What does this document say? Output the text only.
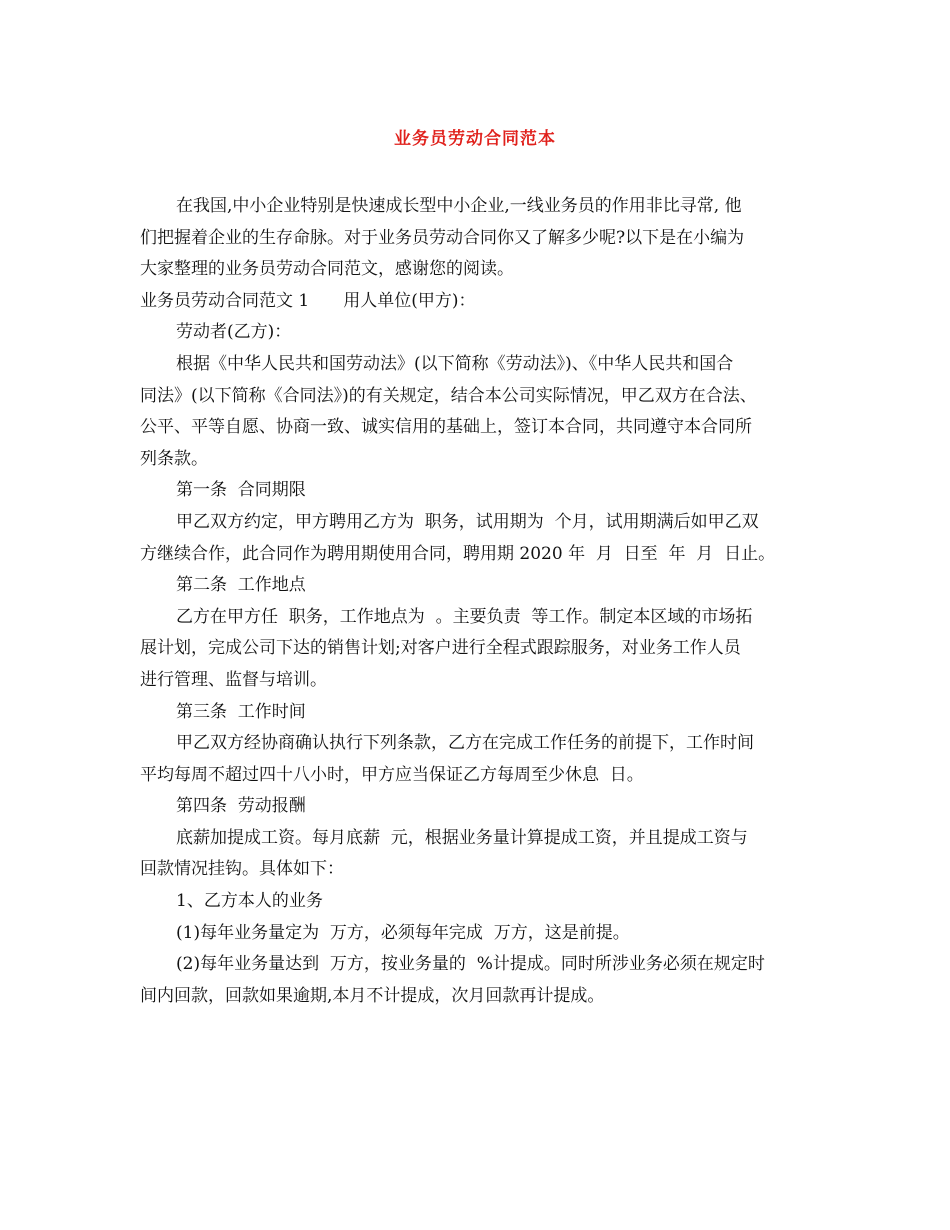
业务员劳动合同范本
在我国,中小企业特别是快速成长型中小企业,一线业务员的作用非比寻常, 他
们把握着企业的生存命脉。对于业务员劳动合同你又了解多少呢?以下是在小编为
大家整理的业务员劳动合同范文，感谢您的阅读。
业务员劳动合同范文 1　　用人单位(甲方)：
劳动者(乙方)：
根据《中华人民共和国劳动法》(以下简称《劳动法》)、《中华人民共和国合
同法》(以下简称《合同法》)的有关规定，结合本公司实际情况，甲乙双方在合法、
公平、平等自愿、协商一致、诚实信用的基础上，签订本合同，共同遵守本合同所
列条款。
第一条  合同期限
甲乙双方约定，甲方聘用乙方为  职务，试用期为  个月，试用期满后如甲乙双
方继续合作，此合同作为聘用期使用合同，聘用期 2020 年  月  日至  年  月  日止。
第二条  工作地点
乙方在甲方任  职务，工作地点为  。主要负责  等工作。制定本区域的市场拓
展计划，完成公司下达的销售计划;对客户进行全程式跟踪服务，对业务工作人员
进行管理、监督与培训。
第三条  工作时间
甲乙双方经协商确认执行下列条款，乙方在完成工作任务的前提下，工作时间
平均每周不超过四十八小时，甲方应当保证乙方每周至少休息  日。
第四条  劳动报酬
底薪加提成工资。每月底薪  元，根据业务量计算提成工资，并且提成工资与
回款情况挂钩。具体如下：
1、乙方本人的业务
(1)每年业务量定为  万方，必须每年完成  万方，这是前提。
(2)每年业务量达到  万方，按业务量的  %计提成。同时所涉业务必须在规定时
间内回款，回款如果逾期,本月不计提成，次月回款再计提成。
